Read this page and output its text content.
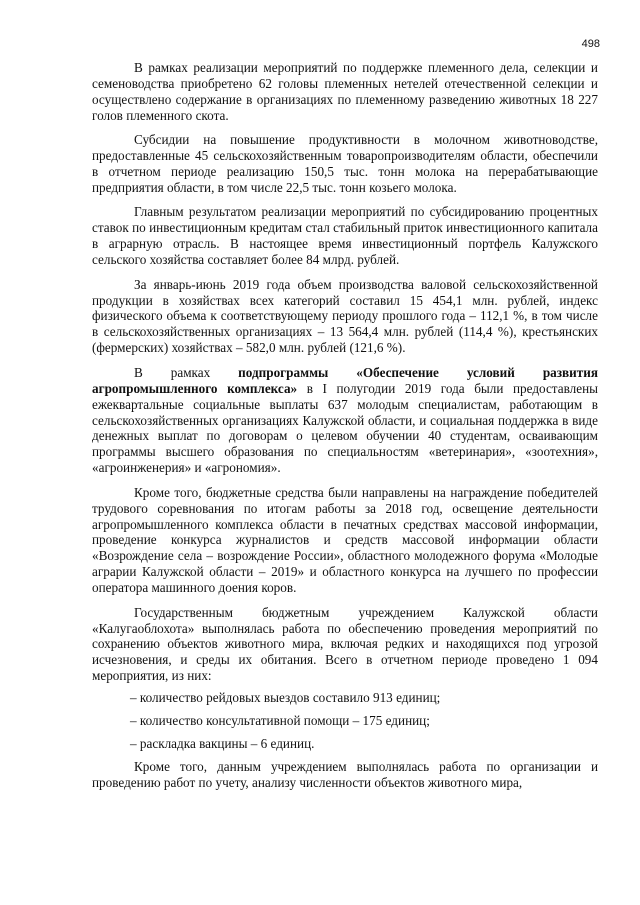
498

В рамках реализации мероприятий по поддержке племенного дела, селекции и семеноводства приобретено 62 головы племенных нетелей отечественной селекции и осуществлено содержание в организациях по племенному разведению животных 18 227 голов племенного скота.

Субсидии на повышение продуктивности в молочном животноводстве, предоставленные 45 сельскохозяйственным товаропроизводителям области, обеспечили в отчетном периоде реализацию 150,5 тыс. тонн молока на перерабатывающие предприятия области, в том числе 22,5 тыс. тонн козьего молока.

Главным результатом реализации мероприятий по субсидированию процентных ставок по инвестиционным кредитам стал стабильный приток инвестиционного капитала в аграрную отрасль. В настоящее время инвестиционный портфель Калужского сельского хозяйства составляет более 84 млрд. рублей.

За январь-июнь 2019 года объем производства валовой сельскохозяйственной продукции в хозяйствах всех категорий составил 15 454,1 млн. рублей, индекс физического объема к соответствующему периоду прошлого года – 112,1 %, в том числе в сельскохозяйственных организациях – 13 564,4 млн. рублей (114,4 %), крестьянских (фермерских) хозяйствах – 582,0 млн. рублей (121,6 %).

В рамках подпрограммы «Обеспечение условий развития агропромышленного комплекса» в I полугодии 2019 года были предоставлены ежеквартальные социальные выплаты 637 молодым специалистам, работающим в сельскохозяйственных организациях Калужской области, и социальная поддержка в виде денежных выплат по договорам о целевом обучении 40 студентам, осваивающим программы высшего образования по специальностям «ветеринария», «зоотехния», «агроинженерия» и «агрономия».

Кроме того, бюджетные средства были направлены на награждение победителей трудового соревнования по итогам работы за 2018 год, освещение деятельности агропромышленного комплекса области в печатных средствах массовой информации, проведение конкурса журналистов и средств массовой информации области «Возрождение села – возрождение России», областного молодежного форума «Молодые аграрии Калужской области – 2019» и областного конкурса на лучшего по профессии оператора машинного доения коров.

Государственным бюджетным учреждением Калужской области «Калугаоблохота» выполнялась работа по обеспечению проведения мероприятий по сохранению объектов животного мира, включая редких и находящихся под угрозой исчезновения, и среды их обитания. Всего в отчетном периоде проведено 1 094 мероприятия, из них:

– количество рейдовых выездов составило 913 единиц;

– количество консультативной помощи – 175 единиц;

– раскладка вакцины – 6 единиц.

Кроме того, данным учреждением выполнялась работа по организации и проведению работ по учету, анализу численности объектов животного мира,
